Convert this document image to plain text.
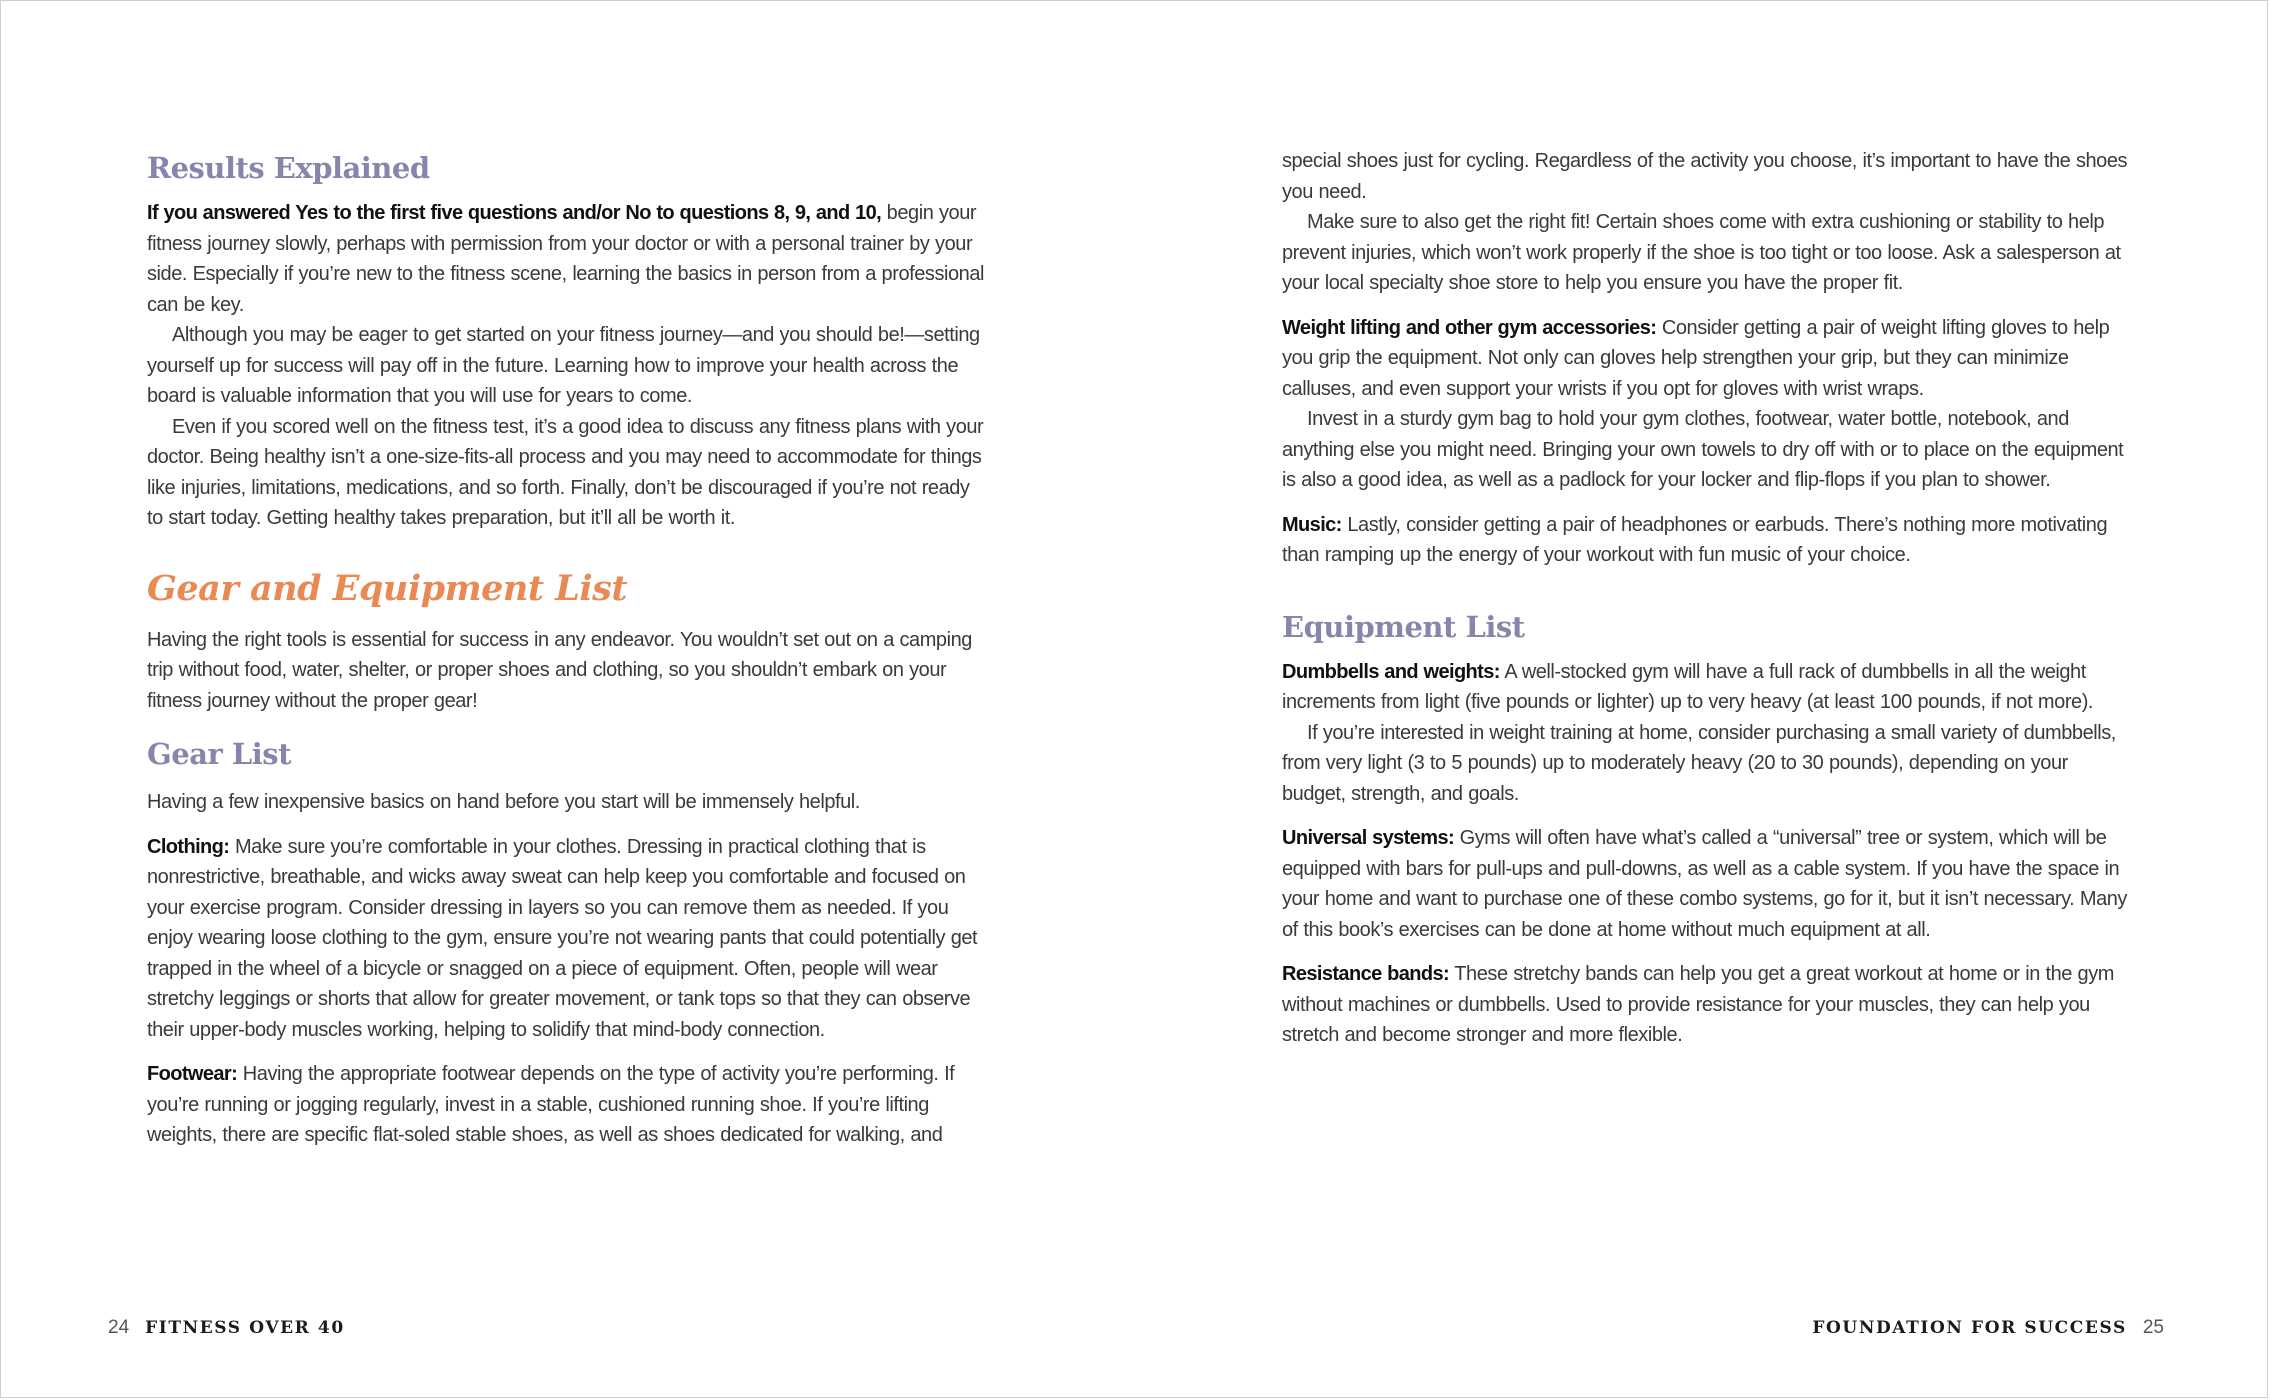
Results Explained

If you answered Yes to the first five questions and/or No to questions 8, 9, and 10, begin your fitness journey slowly, perhaps with permission from your doctor or with a personal trainer by your side. Especially if you’re new to the fitness scene, learning the basics in person from a professional can be key.

Although you may be eager to get started on your fitness journey—and you should be!—setting yourself up for success will pay off in the future. Learning how to improve your health across the board is valuable information that you will use for years to come.

Even if you scored well on the fitness test, it’s a good idea to discuss any fitness plans with your doctor. Being healthy isn’t a one-size-fits-all process and you may need to accommodate for things like injuries, limitations, medications, and so forth. Finally, don’t be discouraged if you’re not ready to start today. Getting healthy takes preparation, but it’ll all be worth it.

Gear and Equipment List

Having the right tools is essential for success in any endeavor. You wouldn’t set out on a camping trip without food, water, shelter, or proper shoes and clothing, so you shouldn’t embark on your fitness journey without the proper gear!

Gear List

Having a few inexpensive basics on hand before you start will be immensely helpful.

Clothing: Make sure you’re comfortable in your clothes. Dressing in practical clothing that is nonrestrictive, breathable, and wicks away sweat can help keep you comfortable and focused on your exercise program. Consider dressing in layers so you can remove them as needed. If you enjoy wearing loose clothing to the gym, ensure you’re not wearing pants that could potentially get trapped in the wheel of a bicycle or snagged on a piece of equipment. Often, people will wear stretchy leggings or shorts that allow for greater movement, or tank tops so that they can observe their upper-body muscles working, helping to solidify that mind-body connection.

Footwear: Having the appropriate footwear depends on the type of activity you’re performing. If you’re running or jogging regularly, invest in a stable, cushioned running shoe. If you’re lifting weights, there are specific flat-soled stable shoes, as well as shoes dedicated for walking, and

24 FITNESS OVER 40

special shoes just for cycling. Regardless of the activity you choose, it’s important to have the shoes you need.

Make sure to also get the right fit! Certain shoes come with extra cushioning or stability to help prevent injuries, which won’t work properly if the shoe is too tight or too loose. Ask a salesperson at your local specialty shoe store to help you ensure you have the proper fit.

Weight lifting and other gym accessories: Consider getting a pair of weight lifting gloves to help you grip the equipment. Not only can gloves help strengthen your grip, but they can minimize calluses, and even support your wrists if you opt for gloves with wrist wraps.

Invest in a sturdy gym bag to hold your gym clothes, footwear, water bottle, notebook, and anything else you might need. Bringing your own towels to dry off with or to place on the equipment is also a good idea, as well as a padlock for your locker and flip-flops if you plan to shower.

Music: Lastly, consider getting a pair of headphones or earbuds. There’s nothing more motivating than ramping up the energy of your workout with fun music of your choice.

Equipment List

Dumbbells and weights: A well-stocked gym will have a full rack of dumbbells in all the weight increments from light (five pounds or lighter) up to very heavy (at least 100 pounds, if not more).

If you’re interested in weight training at home, consider purchasing a small variety of dumbbells, from very light (3 to 5 pounds) up to moderately heavy (20 to 30 pounds), depending on your budget, strength, and goals.

Universal systems: Gyms will often have what’s called a “universal” tree or system, which will be equipped with bars for pull-ups and pull-downs, as well as a cable system. If you have the space in your home and want to purchase one of these combo systems, go for it, but it isn’t necessary. Many of this book’s exercises can be done at home without much equipment at all.

Resistance bands: These stretchy bands can help you get a great workout at home or in the gym without machines or dumbbells. Used to provide resistance for your muscles, they can help you stretch and become stronger and more flexible.

FOUNDATION FOR SUCCESS 25
